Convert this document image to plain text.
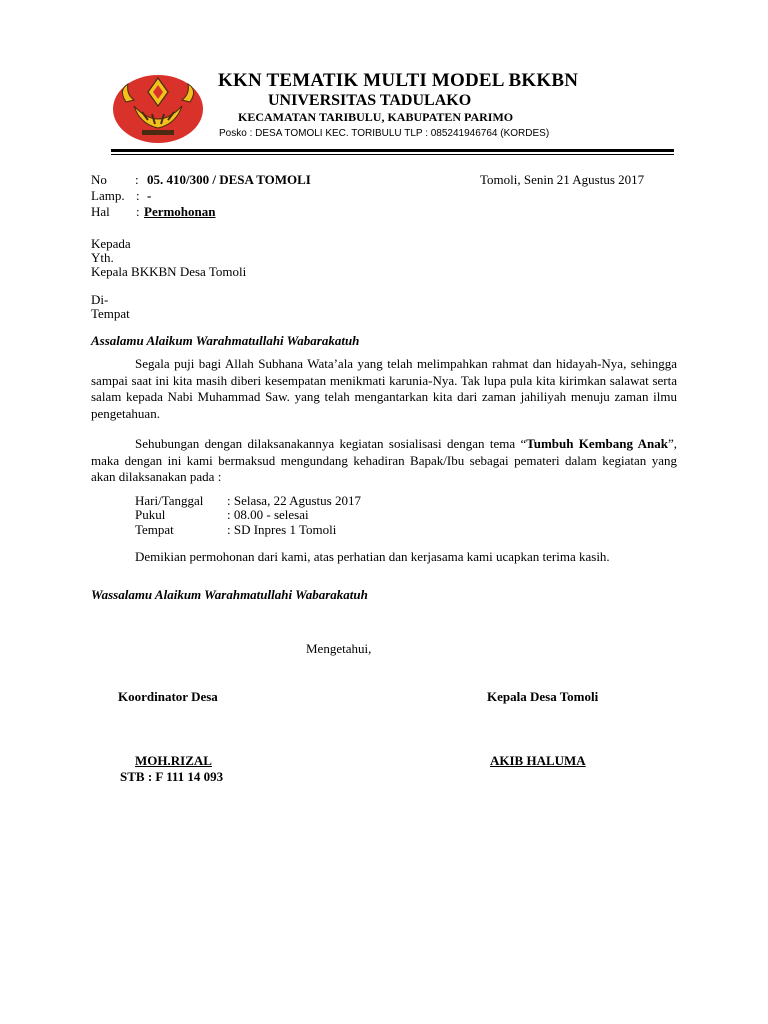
KKN TEMATIK MULTI MODEL BKKBN
UNIVERSITAS TADULAKO
KECAMATAN TARIBULU, KABUPATEN PARIMO
Posko : DESA TOMOLI KEC. TORIBULU TLP : 085241946764 (KORDES)
No : 05. 410/300 / DESA TOMOLI	Tomoli, Senin 21 Agustus 2017
Lamp. : -
Hal : Permohonan
Kepada
Yth.
Kepala BKKBN Desa Tomoli
Di-
Tempat
Assalamu Alaikum Warahmatullahi Wabarakatuh
Segala puji bagi Allah Subhana Wata’ala yang telah melimpahkan rahmat dan hidayah-Nya, sehingga sampai saat ini kita masih diberi kesempatan menikmati karunia-Nya. Tak lupa pula kita kirimkan salawat serta salam kepada Nabi Muhammad Saw. yang telah mengantarkan kita dari zaman jahiliyah menuju zaman ilmu pengetahuan.
Sehubungan dengan dilaksanakannya kegiatan sosialisasi dengan tema “Tumbuh Kembang Anak”, maka dengan ini kami bermaksud mengundang kehadiran Bapak/Ibu sebagai pemateri dalam kegiatan yang akan dilaksanakan pada :
Hari/Tanggal : Selasa, 22 Agustus 2017
Pukul	: 08.00 - selesai
Tempat	: SD Inpres 1 Tomoli
Demikian permohonan dari kami, atas perhatian dan kerjasama kami ucapkan terima kasih.
Wassalamu Alaikum Warahmatullahi Wabarakatuh
Mengetahui,
Koordinator Desa	Kepala Desa Tomoli
MOH.RIZAL
STB : F 111 14 093
AKIB HALUMA
